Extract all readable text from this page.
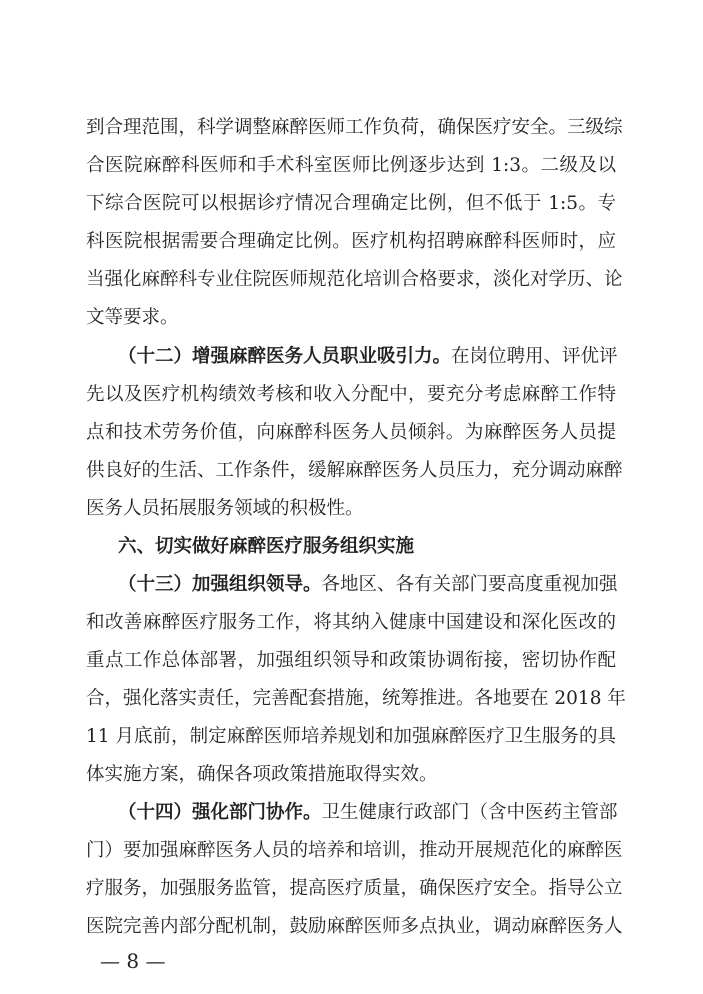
到合理范围，科学调整麻醉医师工作负荷，确保医疗安全。三级综
合医院麻醉科医师和手术科室医师比例逐步达到 1:3。二级及以
下综合医院可以根据诊疗情况合理确定比例，但不低于 1:5。专
科医院根据需要合理确定比例。医疗机构招聘麻醉科医师时，应
当强化麻醉科专业住院医师规范化培训合格要求，淡化对学历、论
文等要求。
（十二）增强麻醉医务人员职业吸引力。在岗位聘用、评优评
先以及医疗机构绩效考核和收入分配中，要充分考虑麻醉工作特
点和技术劳务价值，向麻醉科医务人员倾斜。为麻醉医务人员提
供良好的生活、工作条件，缓解麻醉医务人员压力，充分调动麻醉
医务人员拓展服务领域的积极性。
六、切实做好麻醉医疗服务组织实施
（十三）加强组织领导。各地区、各有关部门要高度重视加强
和改善麻醉医疗服务工作，将其纳入健康中国建设和深化医改的
重点工作总体部署，加强组织领导和政策协调衔接，密切协作配
合，强化落实责任，完善配套措施，统筹推进。各地要在 2018 年
11 月底前，制定麻醉医师培养规划和加强麻醉医疗卫生服务的具
体实施方案，确保各项政策措施取得实效。
（十四）强化部门协作。卫生健康行政部门（含中医药主管部
门）要加强麻醉医务人员的培养和培训，推动开展规范化的麻醉医
疗服务，加强服务监管，提高医疗质量，确保医疗安全。指导公立
医院完善内部分配机制，鼓励麻醉医师多点执业，调动麻醉医务人
— 8 —
